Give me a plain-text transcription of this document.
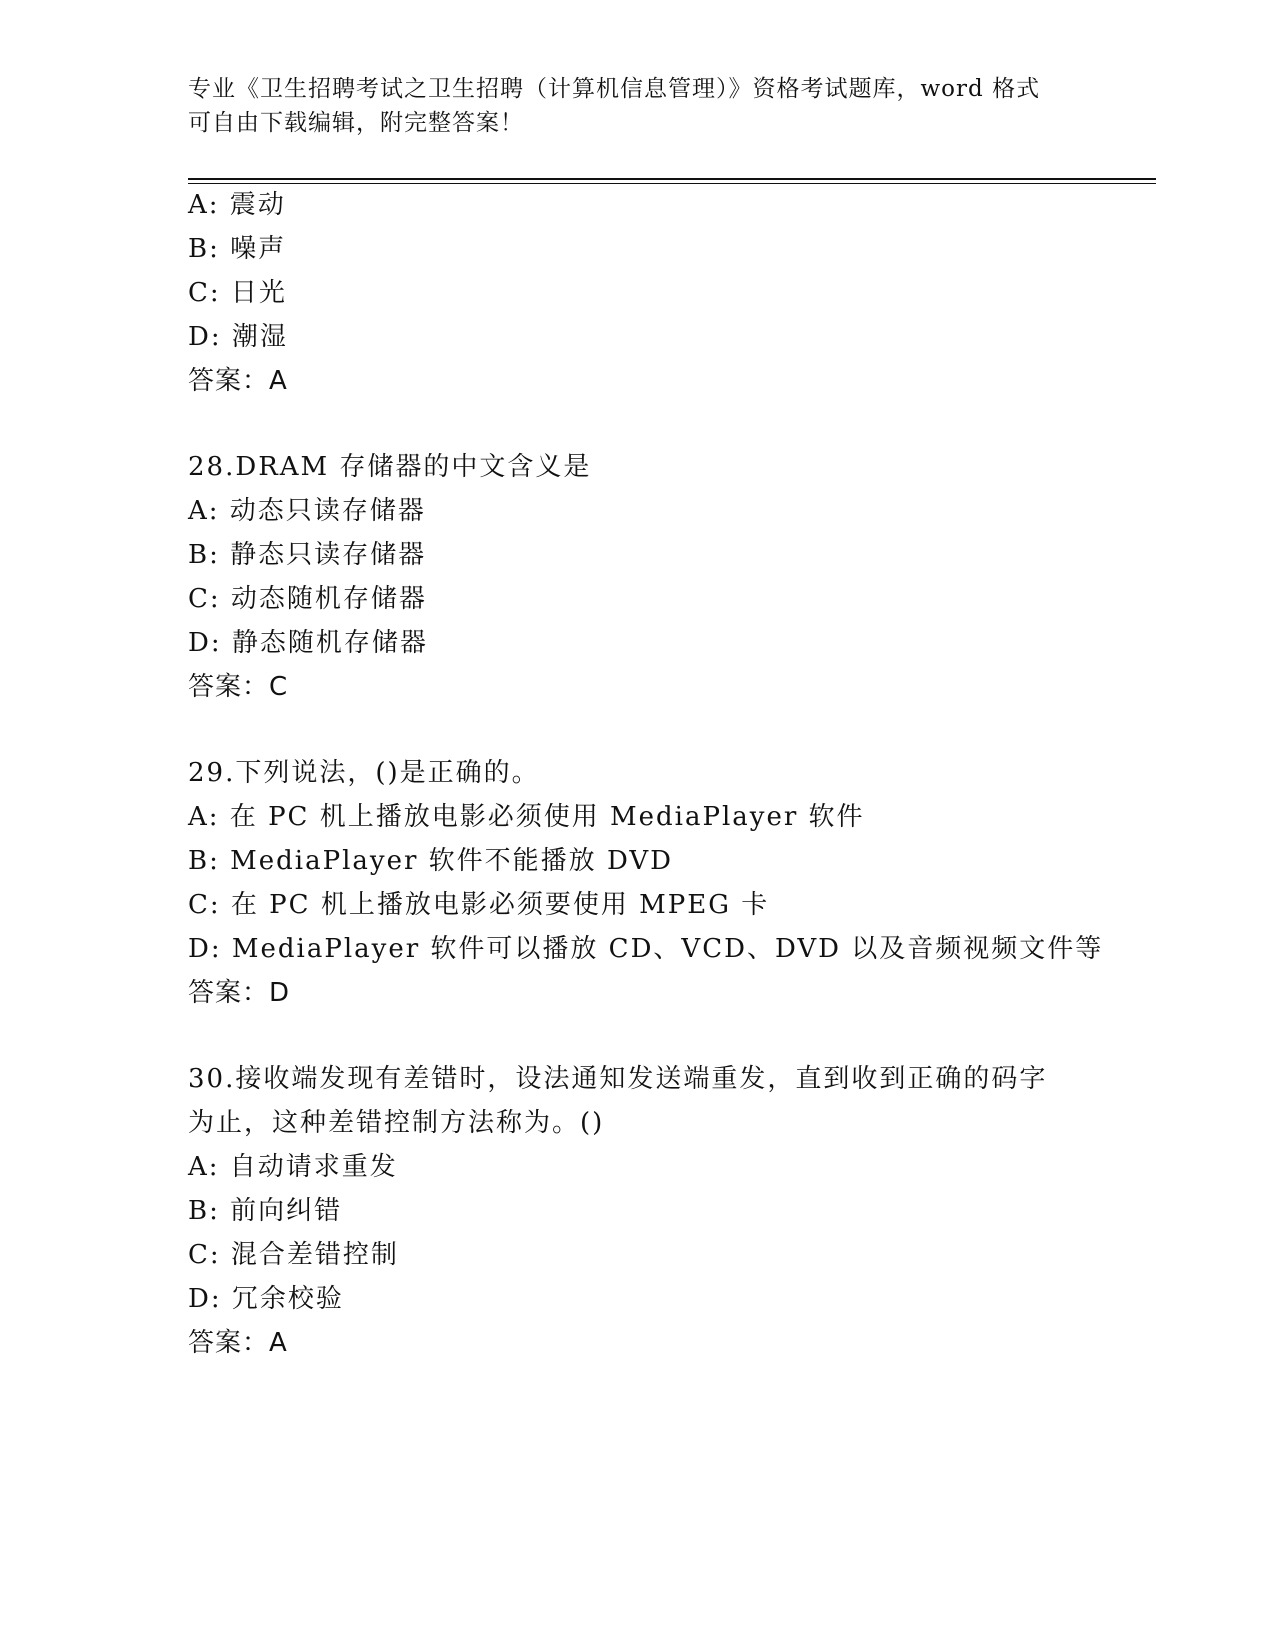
专业《卫生招聘考试之卫生招聘（计算机信息管理）》资格考试题库，word 格式
可自由下载编辑，附完整答案！
A: 震动
B: 噪声
C: 日光
D: 潮湿
答案：A
28.DRAM 存储器的中文含义是
A: 动态只读存储器
B: 静态只读存储器
C: 动态随机存储器
D: 静态随机存储器
答案：C
29.下列说法，()是正确的。
A: 在 PC 机上播放电影必须使用 MediaPlayer 软件
B: MediaPlayer 软件不能播放 DVD
C: 在 PC 机上播放电影必须要使用 MPEG 卡
D: MediaPlayer 软件可以播放 CD、VCD、DVD 以及音频视频文件等
答案：D
30.接收端发现有差错时，设法通知发送端重发，直到收到正确的码字
为止，这种差错控制方法称为。()
A: 自动请求重发
B: 前向纠错
C: 混合差错控制
D: 冗余校验
答案：A
